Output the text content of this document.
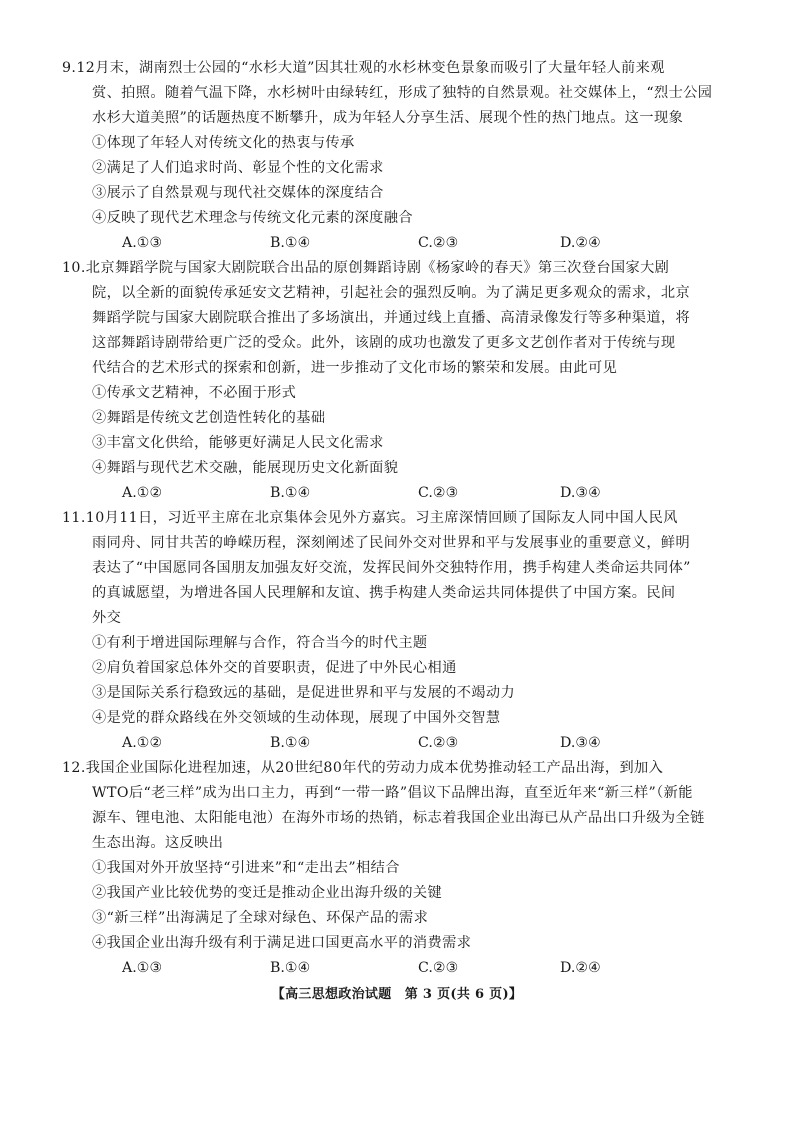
9.12月末，湖南烈士公园的“水杉大道”因其壮观的水杉林变色景象而吸引了大量年轻人前来观
赏、拍照。随着气温下降，水杉树叶由绿转红，形成了独特的自然景观。社交媒体上，“烈士公园
水杉大道美照”的话题热度不断攀升，成为年轻人分享生活、展现个性的热门地点。这一现象
①体现了年轻人对传统文化的热衷与传承
②满足了人们追求时尚、彰显个性的文化需求
③展示了自然景观与现代社交媒体的深度结合
④反映了现代艺术理念与传统文化元素的深度融合
A.①③	B.①④	C.②③	D.②④
10.北京舞蹈学院与国家大剧院联合出品的原创舞蹈诗剧《杨家岭的春天》第三次登台国家大剧
院，以全新的面貌传承延安文艺精神，引起社会的强烈反响。为了满足更多观众的需求，北京
舞蹈学院与国家大剧院联合推出了多场演出，并通过线上直播、高清录像发行等多种渠道，将
这部舞蹈诗剧带给更广泛的受众。此外，该剧的成功也激发了更多文艺创作者对于传统与现
代结合的艺术形式的探索和创新，进一步推动了文化市场的繁荣和发展。由此可见
①传承文艺精神，不必囿于形式
②舞蹈是传统文艺创造性转化的基础
③丰富文化供给，能够更好满足人民文化需求
④舞蹈与现代艺术交融，能展现历史文化新面貌
A.①②	B.①④	C.②③	D.③④
11.10月11日，习近平主席在北京集体会见外方嘉宾。习主席深情回顾了国际友人同中国人民风
雨同舟、同甘共苦的峥嵘历程，深刻阐述了民间外交对世界和平与发展事业的重要意义，鲜明
表达了“中国愿同各国朋友加强友好交流，发挥民间外交独特作用，携手构建人类命运共同体”
的真诚愿望，为增进各国人民理解和友谊、携手构建人类命运共同体提供了中国方案。民间
外交
①有利于增进国际理解与合作，符合当今的时代主题
②肩负着国家总体外交的首要职责，促进了中外民心相通
③是国际关系行稳致远的基础，是促进世界和平与发展的不竭动力
④是党的群众路线在外交领域的生动体现，展现了中国外交智慧
A.①②	B.①④	C.②③	D.③④
12.我国企业国际化进程加速，从20世纪80年代的劳动力成本优势推动轻工产品出海，到加入
WTO后“老三样”成为出口主力，再到“一带一路”倡议下品牌出海，直至近年来“新三样”（新能
源车、锂电池、太阳能电池）在海外市场的热销，标志着我国企业出海已从产品出口升级为全链
生态出海。这反映出
①我国对外开放坚持“引进来”和“走出去”相结合
②我国产业比较优势的变迁是推动企业出海升级的关键
③“新三样”出海满足了全球对绿色、环保产品的需求
④我国企业出海升级有利于满足进口国更高水平的消费需求
A.①③	B.①④	C.②③	D.②④
【高三思想政治试题　第 3 页(共 6 页)】
